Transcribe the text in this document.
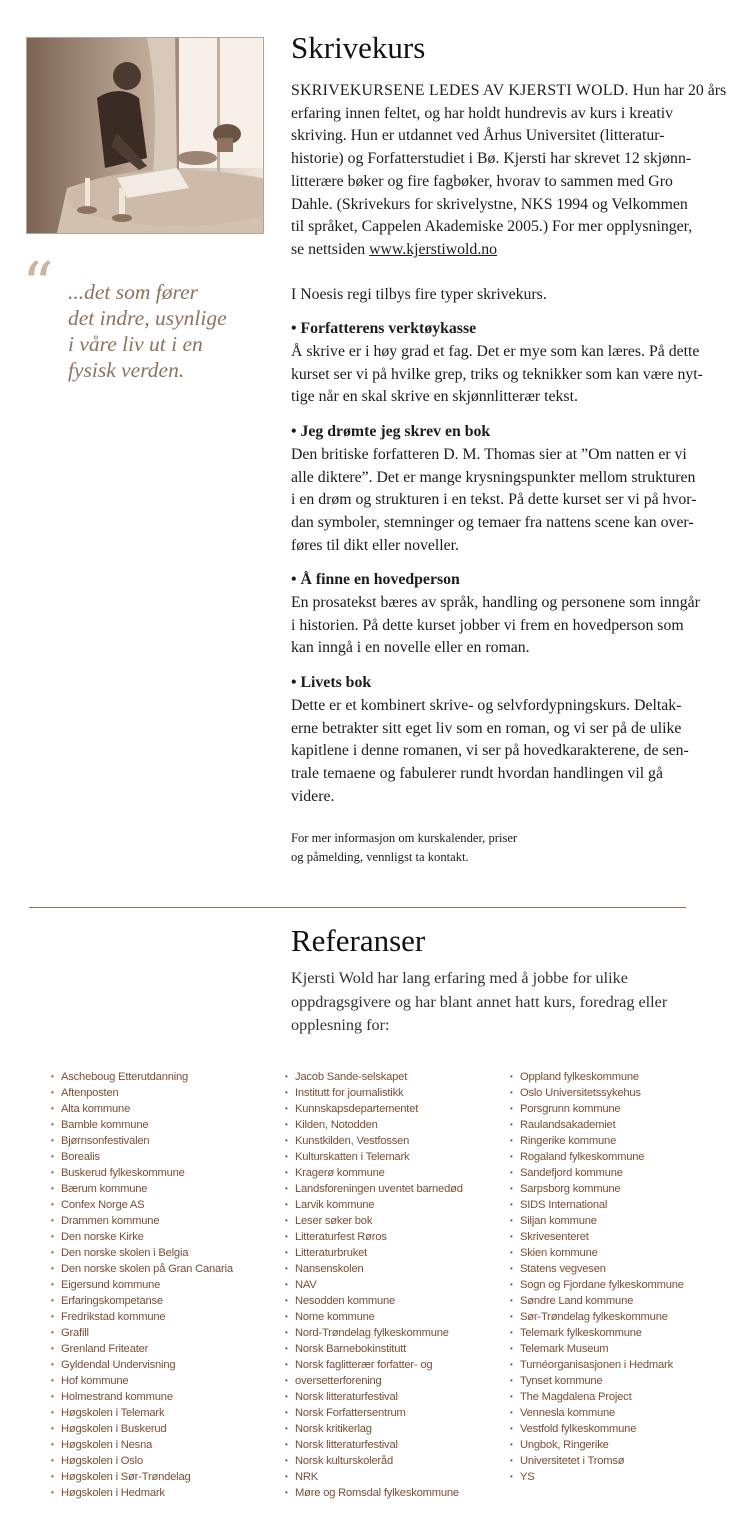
“ ...det som fører
det indre, usynlige
i våre liv ut i en
fysisk verden.
Skrivekurs

SKRIVEKURSENE LEDES AV KJERSTI WOLD. Hun har 20 års
erfaring innen feltet, og har holdt hundrevis av kurs i kreativ
skriving. Hun er utdannet ved Århus Universitet (litteratur-
historie) og Forfatterstudiet i Bø. Kjersti har skrevet 12 skjønn-
litterære bøker og fire fagbøker, hvorav to sammen med Gro
Dahle. (Skrivekurs for skrivelystne, NKS 1994 og Velkommen
til språket, Cappelen Akademiske 2005.) For mer opplysninger,
se nettsiden www.kjerstiwold.no

I Noesis regi tilbys fire typer skrivekurs.

• Forfatterens verktøykasse

Å skrive er i høy grad et fag. Det er mye som kan læres. På dette
kurset ser vi på hvilke grep, triks og teknikker som kan være nyt-
tige når en skal skrive en skjønnlitterær tekst.

• Jeg drømte jeg skrev en bok

Den britiske forfatteren D. M. Thomas sier at ”Om natten er vi
alle diktere”. Det er mange krysningspunkter mellom strukturen
i en drøm og strukturen i en tekst. På dette kurset ser vi på hvor-
dan symboler, stemninger og temaer fra nattens scene kan over-
føres til dikt eller noveller.

• Å finne en hovedperson

En prosatekst bæres av språk, handling og personene som inngår
i historien. På dette kurset jobber vi frem en hovedperson som
kan inngå i en novelle eller en roman.

• Livets bok

Dette er et kombinert skrive- og selvfordypningskurs. Deltak-
erne betrakter sitt eget liv som en roman, og vi ser på de ulike
kapitlene i denne romanen, vi ser på hovedkarakterene, de sen-
trale temaene og fabulerer rundt hvordan handlingen vil gå
videre.

For mer informasjon om kurskalender, priser
og påmelding, vennligst ta kontakt.

Referanser

Kjersti Wold har lang erfaring med å jobbe for ulike
oppdragsgivere og har blant annet hatt kurs, foredrag eller
opplesning for:

• Ascheboug Etterutdanning
• Aftenposten
• Alta kommune
• Bamble kommune
• Bjørnsonfestivalen
• Borealis
• Buskerud fylkeskommune
• Bærum kommune
• Confex Norge AS
• Drammen kommune
• Den norske Kirke
• Den norske skolen i Belgia
• Den norske skolen på Gran Canaria
• Eigersund kommune
• Erfaringskompetanse
• Fredrikstad kommune
• Grafill
• Grenland Friteater
• Gyldendal Undervisning
• Hof kommune
• Holmestrand kommune
• Høgskolen i Telemark
• Høgskolen i Buskerud
• Høgskolen i Nesna
• Høgskolen i Oslo
• Høgskolen i Sør-Trøndelag
• Høgskolen i Hedmark
• Jacob Sande-selskapet
• Institutt for journalistikk
• Kunnskapsdepartementet
• Kilden, Notodden
• Kunstkilden, Vestfossen
• Kulturskatten i Telemark
• Kragerø kommune
• Landsforeningen uventet barnedød
• Larvik kommune
• Leser søker bok
• Litteraturfest Røros
• Litteraturbruket
• Nansenskolen
• NAV
• Nesodden kommune
• Nome kommune
• Nord-Trøndelag fylkeskommune
• Norsk Barnebokinstitutt
• Norsk faglitterær forfatter- og
• oversetterforening
• Norsk litteraturfestival
• Norsk Forfattersentrum
• Norsk kritikerlag
• Norsk litteraturfestival
• Norsk kulturskoleråd
• NRK
• Møre og Romsdal fylkeskommune
• Oppland fylkeskommune
• Oslo Universitetssykehus
• Porsgrunn kommune
• Raulandsakademiet
• Ringerike kommune
• Rogaland fylkeskommune
• Sandefjord kommune
• Sarpsborg kommune
• SIDS International
• Siljan kommune
• Skrivesenteret
• Skien kommune
• Statens vegvesen
• Sogn og Fjordane fylkeskommune
• Søndre Land kommune
• Sør-Trøndelag fylkeskommune
• Telemark fylkeskommune
• Telemark Museum
• Turnéorganisasjonen i Hedmark
• Tynset kommune
• The Magdalena Project
• Vennesla kommune
• Vestfold fylkeskommune
• Ungbok, Ringerike
• Universitetet i Tromsø
• YS
